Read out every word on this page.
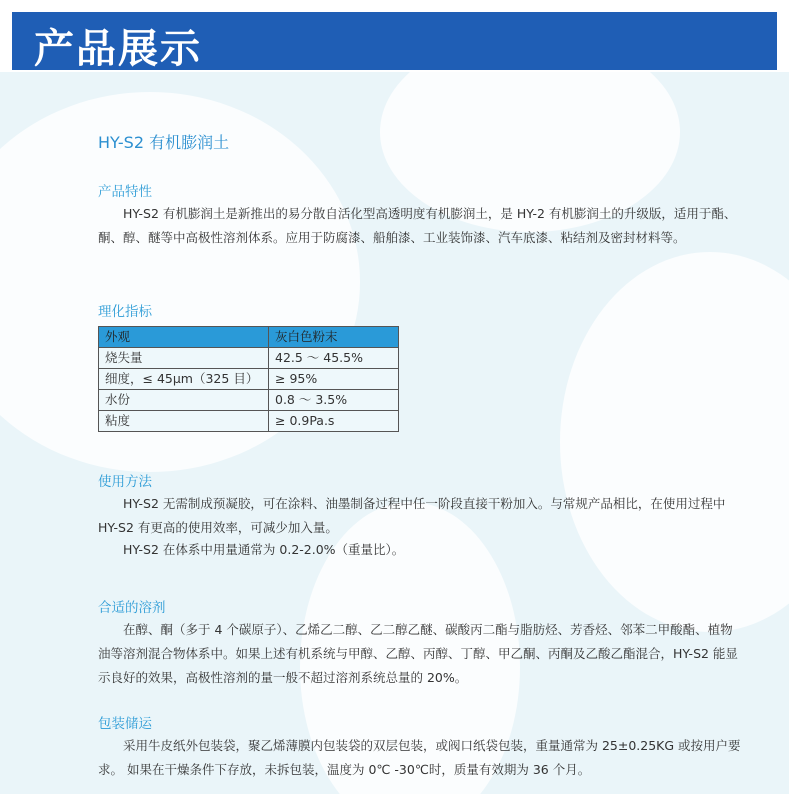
产品展示
HY-S2 有机膨润土
产品特性
HY-S2 有机膨润土是新推出的易分散自活化型高透明度有机膨润土，是 HY-2 有机膨润土的升级版，适用于酯、酮、醇、醚等中高极性溶剂体系。应用于防腐漆、船舶漆、工业装饰漆、汽车底漆、粘结剂及密封材料等。
理化指标
外观	灰白色粉末
烧失量	42.5 ～ 45.5%
细度，≤ 45μm（325 目）	≥ 95%
水份	0.8 ～ 3.5%
粘度	≥ 0.9Pa.s
使用方法
HY-S2 无需制成预凝胶，可在涂料、油墨制备过程中任一阶段直接干粉加入。与常规产品相比，在使用过程中 HY-S2 有更高的使用效率，可减少加入量。
HY-S2 在体系中用量通常为 0.2-2.0%（重量比）。
合适的溶剂
在醇、酮（多于 4 个碳原子）、乙烯乙二醇、乙二醇乙醚、碳酸丙二酯与脂肪烃、芳香烃、邻苯二甲酸酯、植物油等溶剂混合物体系中。如果上述有机系统与甲醇、乙醇、丙醇、丁醇、甲乙酮、丙酮及乙酸乙酯混合，HY-S2 能显示良好的效果，高极性溶剂的量一般不超过溶剂系统总量的 20%。
包装储运
采用牛皮纸外包装袋，聚乙烯薄膜内包装袋的双层包装，或阀口纸袋包装，重量通常为 25±0.25KG 或按用户要求。 如果在干燥条件下存放，未拆包装，温度为 0℃ -30℃时，质量有效期为 36 个月。
